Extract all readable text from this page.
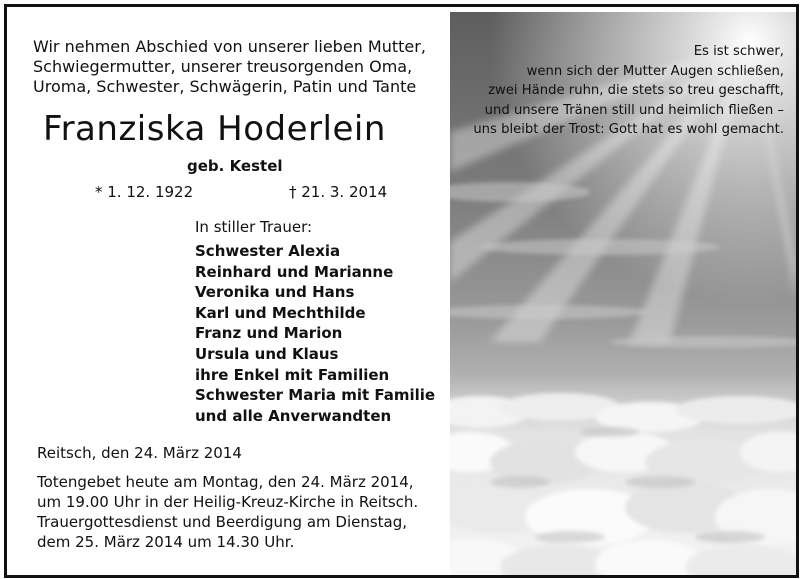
Wir nehmen Abschied von unserer lieben Mutter,
Schwiegermutter, unserer treusorgenden Oma,
Uroma, Schwester, Schwägerin, Patin und Tante
Franziska Hoderlein
geb. Kestel
* 1. 12. 1922	† 21. 3. 2014
In stiller Trauer:
Schwester Alexia
Reinhard und Marianne
Veronika und Hans
Karl und Mechthilde
Franz und Marion
Ursula und Klaus
ihre Enkel mit Familien
Schwester Maria mit Familie
und alle Anverwandten
Reitsch, den 24. März 2014
Totengebet heute am Montag, den 24. März 2014,
um 19.00 Uhr in der Heilig-Kreuz-Kirche in Reitsch.
Trauergottesdienst und Beerdigung am Dienstag,
dem 25. März 2014 um 14.30 Uhr.
Es ist schwer,
wenn sich der Mutter Augen schließen,
zwei Hände ruhn, die stets so treu geschafft,
und unsere Tränen still und heimlich fließen –
uns bleibt der Trost: Gott hat es wohl gemacht.
